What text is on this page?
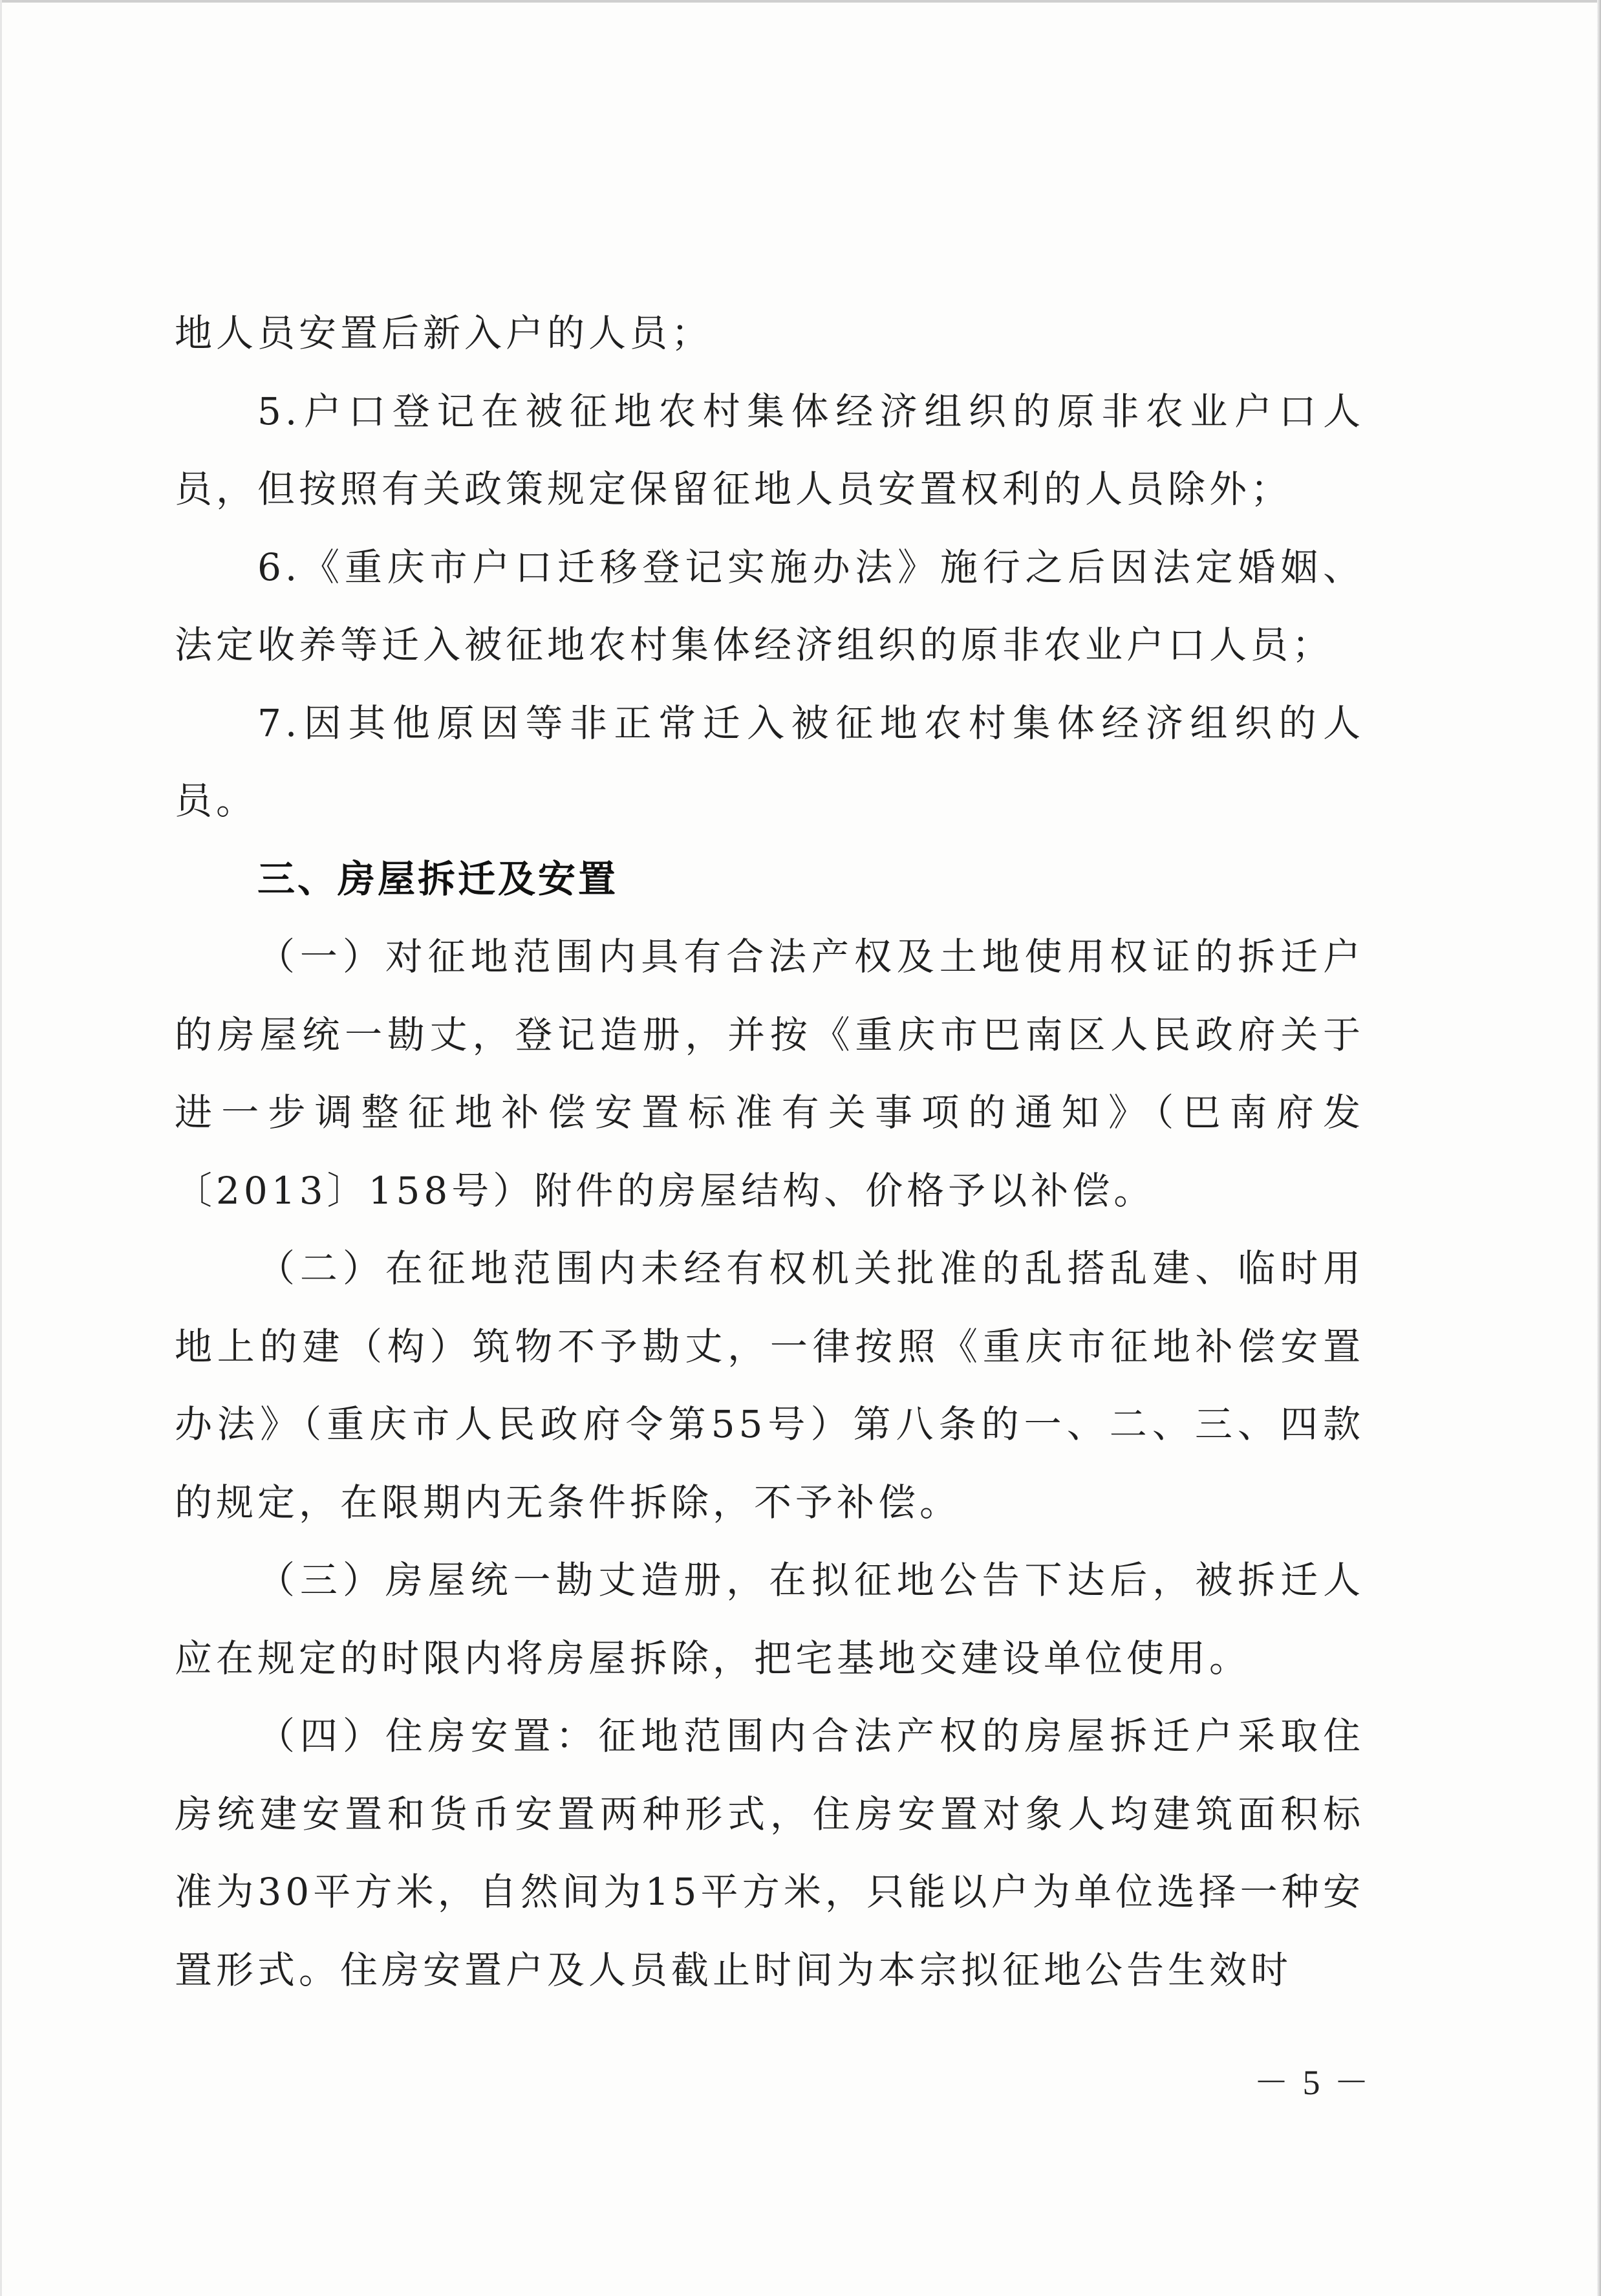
地人员安置后新入户的人员；

5.户口登记在被征地农村集体经济组织的原非农业户口人员，但按照有关政策规定保留征地人员安置权利的人员除外；

6.《重庆市户口迁移登记实施办法》施行之后因法定婚姻、法定收养等迁入被征地农村集体经济组织的原非农业户口人员；

7.因其他原因等非正常迁入被征地农村集体经济组织的人员。

三、房屋拆迁及安置

（一）对征地范围内具有合法产权及土地使用权证的拆迁户的房屋统一勘丈，登记造册，并按《重庆市巴南区人民政府关于进一步调整征地补偿安置标准有关事项的通知》（巴南府发〔2013〕158号）附件的房屋结构、价格予以补偿。

（二）在征地范围内未经有权机关批准的乱搭乱建、临时用地上的建（构）筑物不予勘丈，一律按照《重庆市征地补偿安置办法》（重庆市人民政府令第55号）第八条的一、二、三、四款的规定，在限期内无条件拆除，不予补偿。

（三）房屋统一勘丈造册，在拟征地公告下达后，被拆迁人应在规定的时限内将房屋拆除，把宅基地交建设单位使用。

（四）住房安置：征地范围内合法产权的房屋拆迁户采取住房统建安置和货币安置两种形式，住房安置对象人均建筑面积标准为30平方米，自然间为15平方米，只能以户为单位选择一种安置形式。住房安置户及人员截止时间为本宗拟征地公告生效时

－ 5 －
